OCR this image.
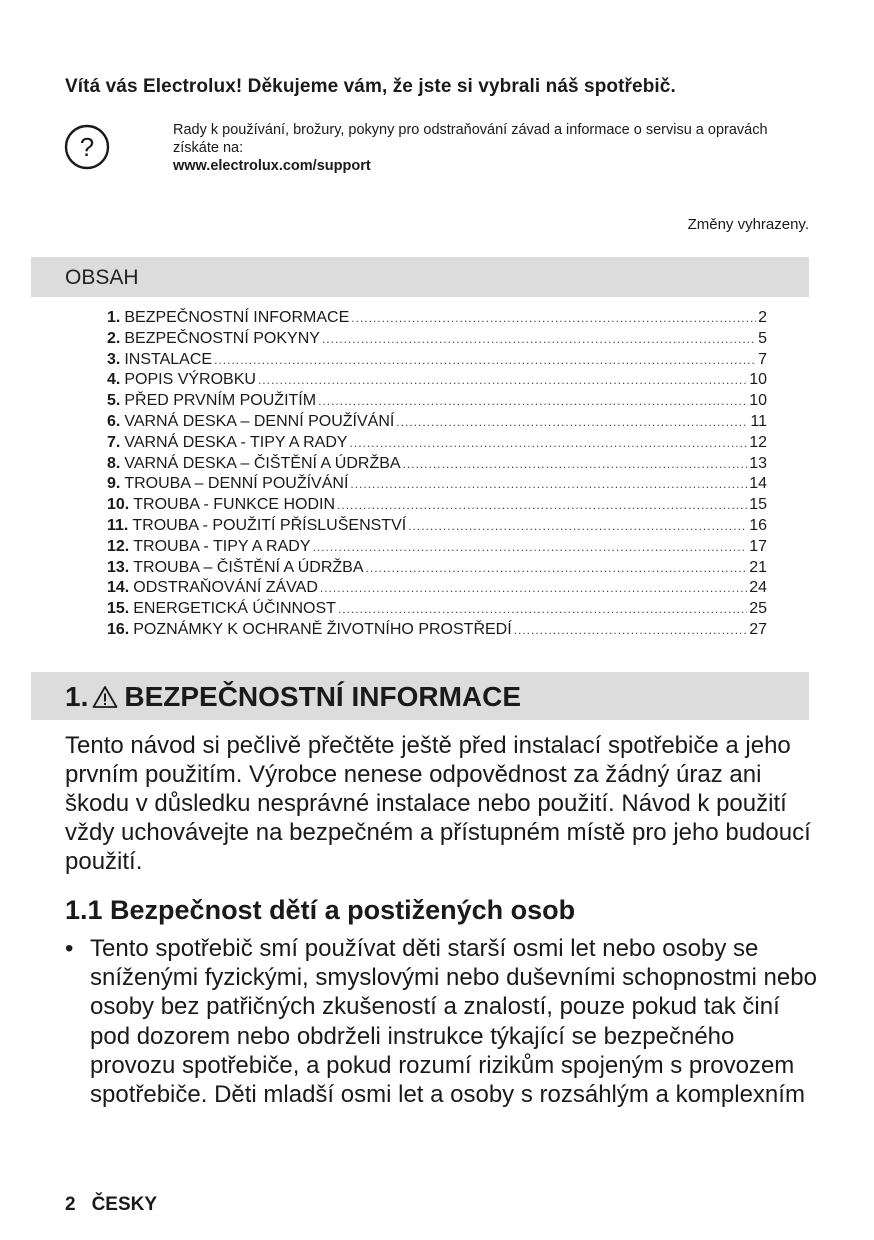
Vítá vás Electrolux! Děkujeme vám, že jste si vybrali náš spotřebič.
?
Rady k používání, brožury, pokyny pro odstraňování závad a informace o servisu a opravách získáte na:
www.electrolux.com/support
Změny vyhrazeny.
OBSAH
1. BEZPEČNOSTNÍ INFORMACE .....	2
2. BEZPEČNOSTNÍ POKYNY .....	5
3. INSTALACE .....	7
4. POPIS VÝROBKU .....	10
5. PŘED PRVNÍM POUŽITÍM .....	10
6. VARNÁ DESKA – DENNÍ POUŽÍVÁNÍ .....	11
7. VARNÁ DESKA - TIPY A RADY .....	12
8. VARNÁ DESKA – ČIŠTĚNÍ A ÚDRŽBA .....	13
9. TROUBA – DENNÍ POUŽÍVÁNÍ .....	14
10. TROUBA - FUNKCE HODIN .....	15
11. TROUBA - POUŽITÍ PŘÍSLUŠENSTVÍ .....	16
12. TROUBA - TIPY A RADY .....	17
13. TROUBA – ČIŠTĚNÍ A ÚDRŽBA .....	21
14. ODSTRAŇOVÁNÍ ZÁVAD .....	24
15. ENERGETICKÁ ÚČINNOST .....	25
16. POZNÁMKY K OCHRANĚ ŽIVOTNÍHO PROSTŘEDÍ .....	27
1. BEZPEČNOSTNÍ INFORMACE

Tento návod si pečlivě přečtěte ještě před instalací spotřebiče a jeho prvním použitím. Výrobce nenese odpovědnost za žádný úraz ani škodu v důsledku nesprávné instalace nebo použití. Návod k použití vždy uchovávejte na bezpečném a přístupném místě pro jeho budoucí použití.

1.1 Bezpečnost dětí a postižených osob

• Tento spotřebič smí používat děti starší osmi let nebo osoby se sníženými fyzickými, smyslovými nebo duševními schopnostmi nebo osoby bez patřičných zkušeností a znalostí, pouze pokud tak činí pod dozorem nebo obdrželi instrukce týkající se bezpečného provozu spotřebiče, a pokud rozumí rizikům spojeným s provozem spotřebiče. Děti mladší osmi let a osoby s rozsáhlým a komplexním

2 ČESKY
